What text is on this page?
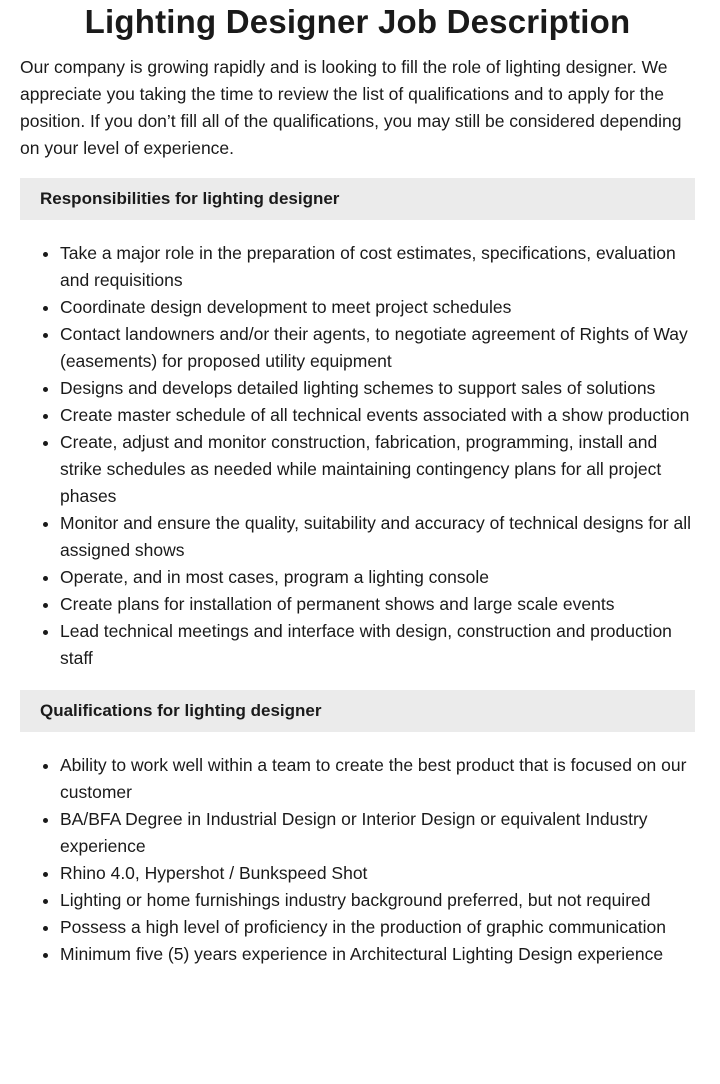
Lighting Designer Job Description

Our company is growing rapidly and is looking to fill the role of lighting designer. We appreciate you taking the time to review the list of qualifications and to apply for the position. If you don’t fill all of the qualifications, you may still be considered depending on your level of experience.

Responsibilities for lighting designer
• Take a major role in the preparation of cost estimates, specifications, evaluation and requisitions
• Coordinate design development to meet project schedules
• Contact landowners and/or their agents, to negotiate agreement of Rights of Way (easements) for proposed utility equipment
• Designs and develops detailed lighting schemes to support sales of solutions
• Create master schedule of all technical events associated with a show production
• Create, adjust and monitor construction, fabrication, programming, install and strike schedules as needed while maintaining contingency plans for all project phases
• Monitor and ensure the quality, suitability and accuracy of technical designs for all assigned shows
• Operate, and in most cases, program a lighting console
• Create plans for installation of permanent shows and large scale events
• Lead technical meetings and interface with design, construction and production staff
Qualifications for lighting designer
• Ability to work well within a team to create the best product that is focused on our customer
• BA/BFA Degree in Industrial Design or Interior Design or equivalent Industry experience
• Rhino 4.0, Hypershot / Bunkspeed Shot
• Lighting or home furnishings industry background preferred, but not required
• Possess a high level of proficiency in the production of graphic communication
• Minimum five (5) years experience in Architectural Lighting Design experience
